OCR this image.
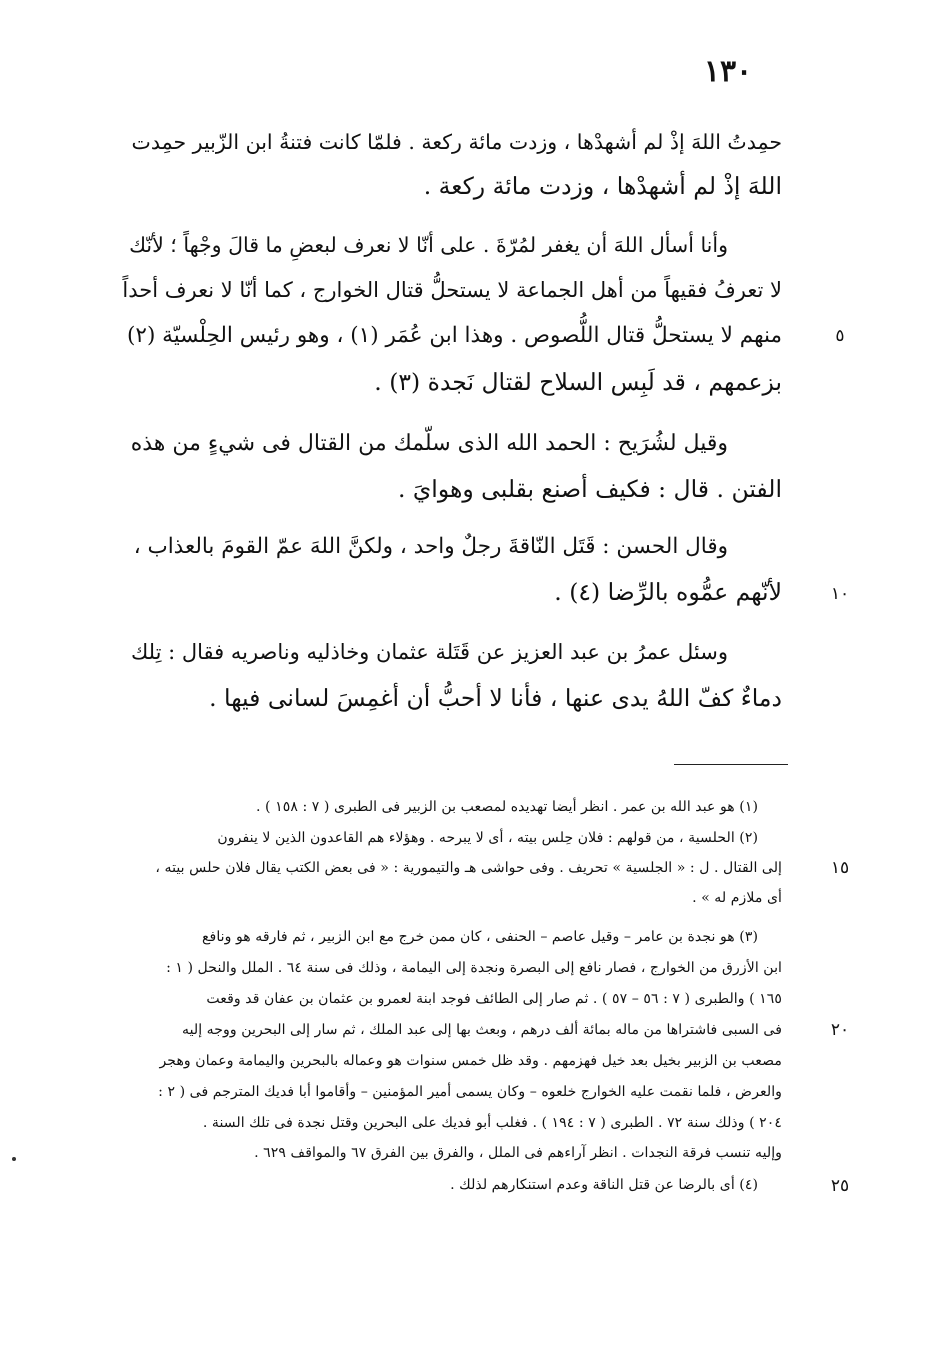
١٣٠
حمِدتُ اللهَ إذْ لم أشهدْها ، وزدت مائة ركعة . فلمّا كانت فتنةُ ابن الزّبير حمِدت
اللهَ إذْ لم أشهدْها ، وزدت مائة ركعة .
وأنا أسأل اللهَ أن يغفر لمُرّةَ . على أنّا لا نعرف لبعضِ ما قالَ وجْهاً ؛ لأنّك
لا تعرفُ فقيهاً من أهل الجماعة لا يستحلُّ قتال الخوارج ، كما أنّا لا نعرف أحداً
منهم لا يستحلُّ قتال اللُّصوص . وهذا ابن عُمَر (١) ، وهو رئيس الحِلْسيّة (٢)
بزعمهم ، قد لَبِس السلاح لقتال نَجدة (٣) .
وقيل لشُرَيح : الحمد الله الذى سلّمك من القتال فى شيءٍ من هذه
الفتن . قال : فكيف أصنع بقلبى وهوايَ .
وقال الحسن : قَتَل النّاقةَ رجلٌ واحد ، ولكنَّ اللهَ عمّ القومَ بالعذاب ،
لأنّهم عمُّوه بالرِّضا (٤) .
وسئل عمرُ بن عبد العزيز عن قَتَلة عثمان وخاذليه وناصريه فقال : تِلك
دماءٌ كفّ اللهُ يدى عنها ، فأنا لا أحبُّ أن أغمِسَ لسانى فيها .
٥
١٠
(١) هو عبد الله بن عمر . انظر أيضا تهديده لمصعب بن الزبير فى الطبرى ( ٧ : ١٥٨ ) .
(٢) الحلسية ، من قولهم : فلان حِلس بيته ، أى لا يبرحه . وهؤلاء هم القاعدون الذين لا ينفرون
إلى القتال . ل : « الجلسية » تحريف . وفى حواشى هـ والتيمورية : « فى بعض الكتب يقال فلان حلس بيته ،
أى ملازم له » .
(٣) هو نجدة بن عامر – وقيل عاصم – الحنفى ، كان ممن خرج مع ابن الزبير ، ثم فارقه هو ونافع
ابن الأزرق من الخوارج ، فصار نافع إلى البصرة ونجدة إلى اليمامة ، وذلك فى سنة ٦٤ . الملل والنحل ( ١ :
١٦٥ ) والطبرى ( ٧ : ٥٦ – ٥٧ ) . ثم صار إلى الطائف فوجد ابنة لعمرو بن عثمان بن عفان قد وقعت
فى السبى فاشتراها من ماله بمائة ألف درهم ، وبعث بها إلى عبد الملك ، ثم سار إلى البحرين ووجه إليه
مصعب بن الزبير بخيل بعد خيل فهزمهم . وقد ظل خمس سنوات هو وعماله بالبحرين واليمامة وعمان وهجر
والعرض ، فلما نقمت عليه الخوارج خلعوه – وكان يسمى أمير المؤمنين – وأقاموا أبا فديك المترجم فى ( ٢ :
٢٠٤ ) وذلك سنة ٧٢ . الطبرى ( ٧ : ١٩٤ ) . فغلب أبو فديك على البحرين وقتل نجدة فى تلك السنة .
وإليه تنسب فرقة النجدات . انظر آراءهم فى الملل ، والفرق بين الفرق ٦٧ والمواقف ٦٢٩ .
(٤) أى بالرضا عن قتل الناقة وعدم استنكارهم لذلك .
١٥
٢٠
٢٥
